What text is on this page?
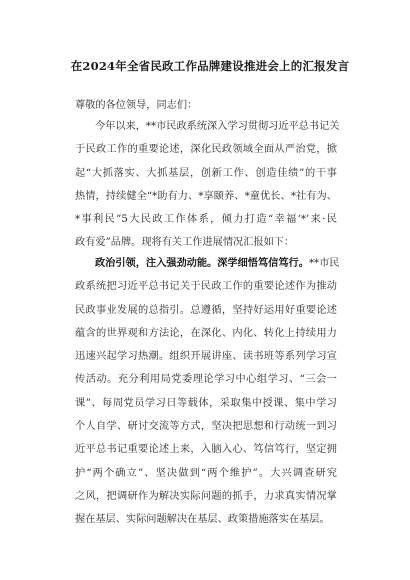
在2024年全省民政工作品牌建设推进会上的汇报发言
尊敬的各位领导，同志们：
今年以来，**市民政系统深入学习贯彻习近平总书记关
于民政工作的重要论述，深化民政领域全面从严治党，掀
起“大抓落实、大抓基层，创新工作、创造佳绩”的干事
热情，持续健全“*助有力、*享颐养、*童优长、*社有为、
*事利民”5大民政工作体系，倾力打造“幸福‘*’来·民
政有爱”品牌。现将有关工作进展情况汇报如下：
政治引领，注入强劲动能。深学细悟笃信笃行。**市民
政系统把习近平总书记关于民政工作的重要论述作为推动
民政事业发展的总指引。总遵循，坚持好运用好重要论述
蕴含的世界观和方法论，在深化、内化、转化上持续用力
迅速兴起学习热潮。组织开展讲座、读书班等系列学习宣
传活动。充分利用局党委理论学习中心组学习、“三会一
课”、每周党员学习日等载体，采取集中授课、集中学习
个人自学、研讨交流等方式，坚决把思想和行动统一到习
近平总书记重要论述上来，入脑入心、笃信笃行，坚定拥
护“两个确立”、坚决做到“两个维护”。大兴调查研究
之风，把调研作为解决实际问题的抓手，力求真实情况掌
握在基层、实际问题解决在基层、政策措施落实在基层。
